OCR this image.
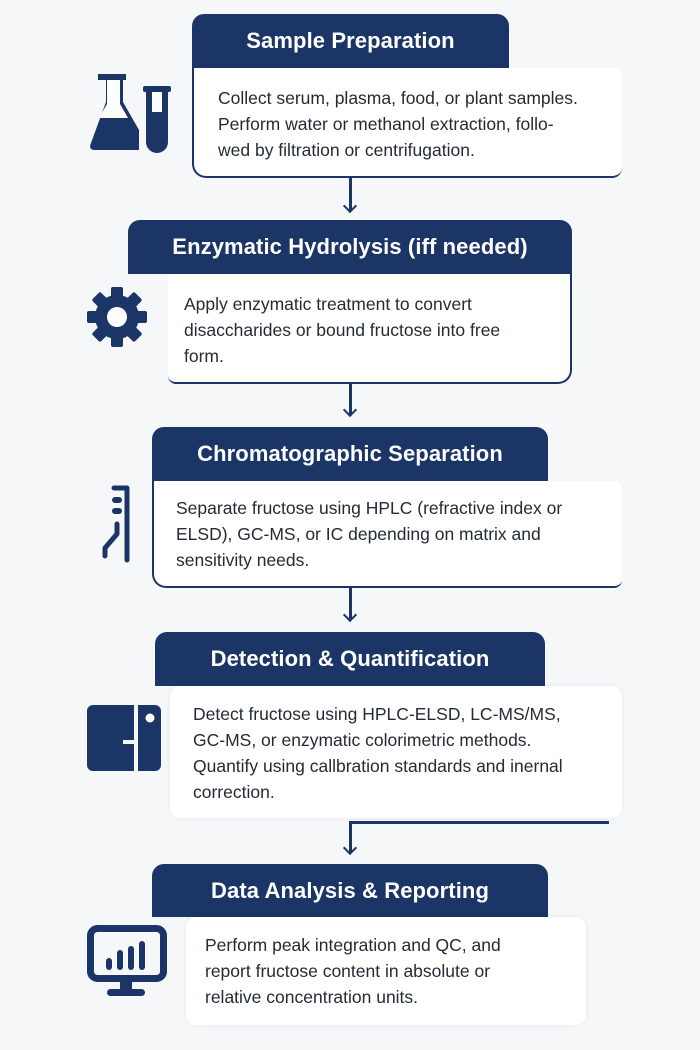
Sample Preparation

Collect serum, plasma, food, or plant samples.

Perform water or methanol extraction, follo-

wed by filtration or centrifugation.

Enzymatic Hydrolysis (iff needed)

Apply enzymatic treatment to convert

disaccharides or bound fructose into free

form.

Chromatographic Separation

Separate fructose using HPLC (refractive index or

ELSD), GC-MS, or IC depending on matrix and

sensitivity needs.

Detection & Quantification

Detect fructose using HPLC-ELSD, LC-MS/MS,

GC-MS, or enzymatic colorimetric methods.

Quantify using callbration standards and inernal

correction.

Data Analysis & Reporting

Perform peak integration and QC, and

report fructose content in absolute or

relative concentration units.
